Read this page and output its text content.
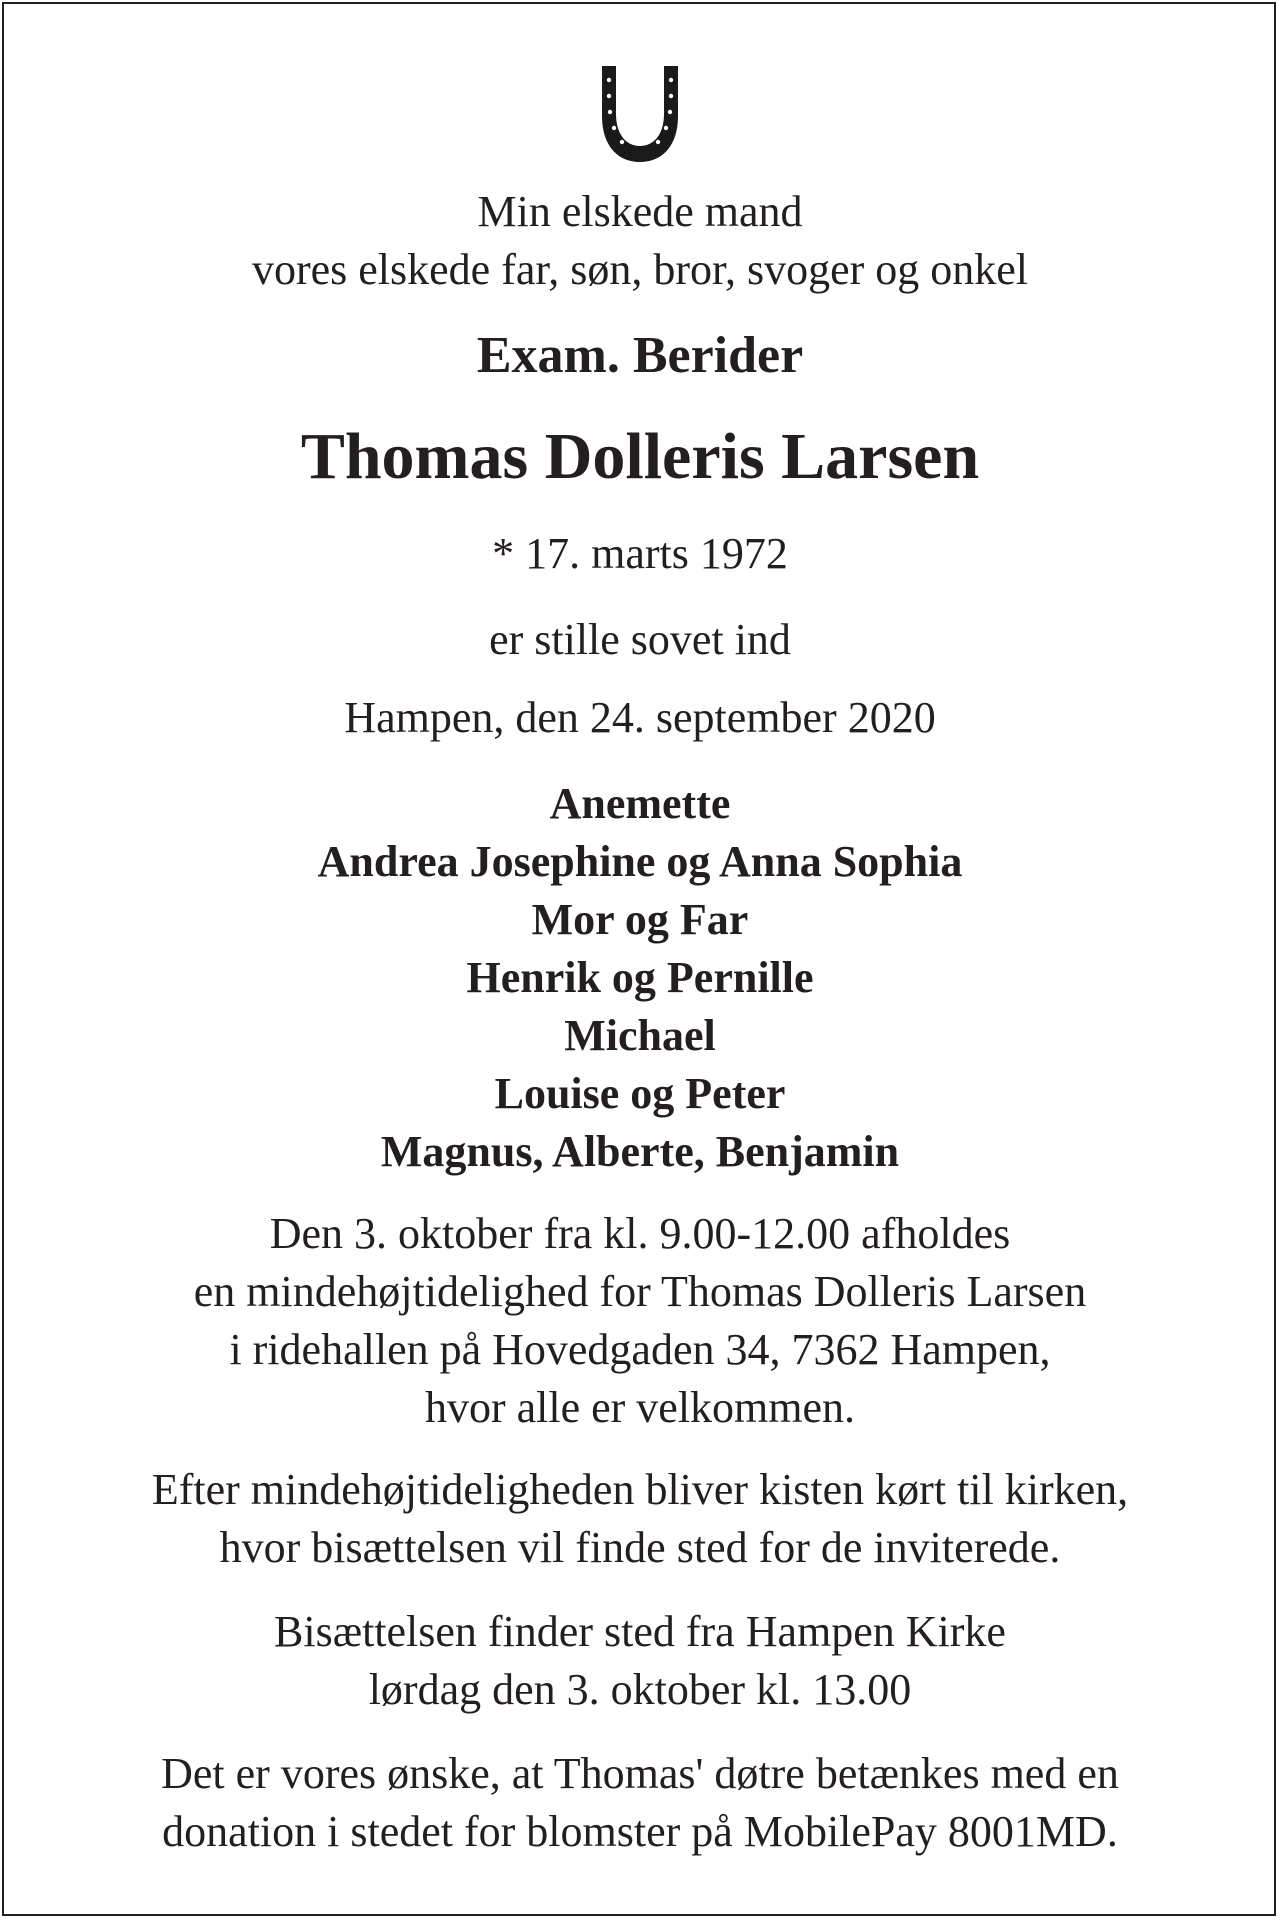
Min elskede mand
vores elskede far, søn, bror, svoger og onkel
Exam. Berider
Thomas Dolleris Larsen
* 17. marts 1972
er stille sovet ind
Hampen, den 24. september 2020
Anemette
Andrea Josephine og Anna Sophia
Mor og Far
Henrik og Pernille
Michael
Louise og Peter
Magnus, Alberte, Benjamin
Den 3. oktober fra kl. 9.00-12.00 afholdes
en mindehøjtidelighed for Thomas Dolleris Larsen
i ridehallen på Hovedgaden 34, 7362 Hampen,
hvor alle er velkommen.
Efter mindehøjtideligheden bliver kisten kørt til kirken,
hvor bisættelsen vil finde sted for de inviterede.
Bisættelsen finder sted fra Hampen Kirke
lørdag den 3. oktober kl. 13.00
Det er vores ønske, at Thomas' døtre betænkes med en
donation i stedet for blomster på MobilePay 8001MD.
